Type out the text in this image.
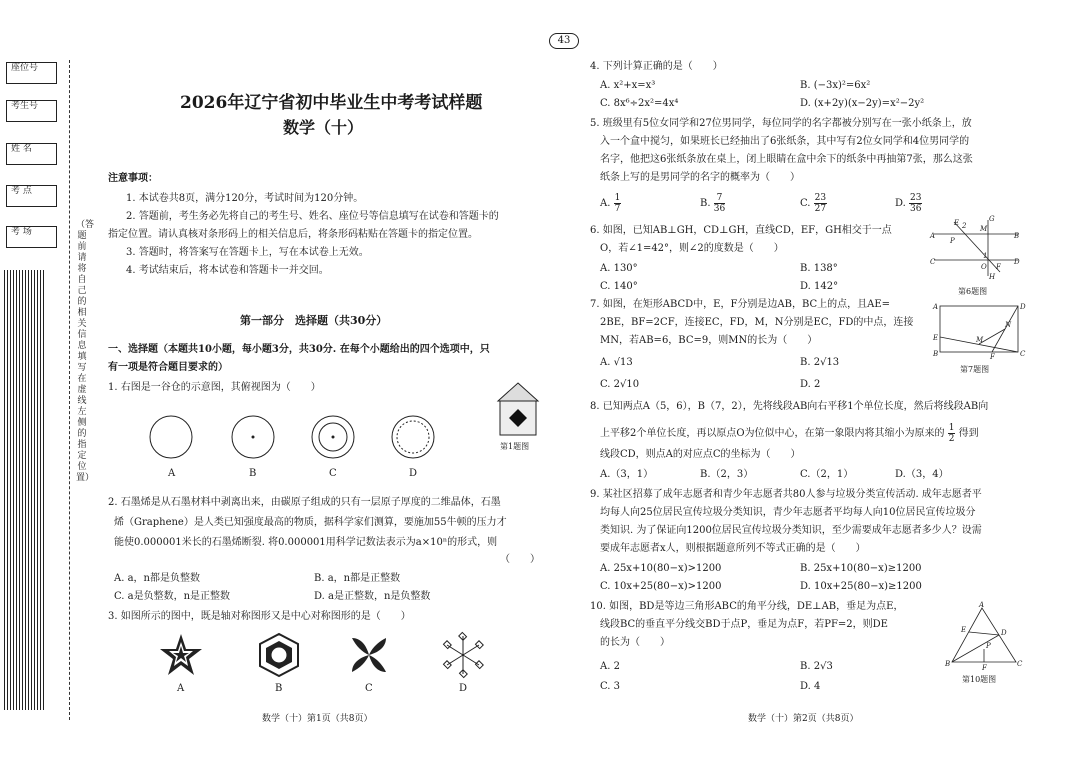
座位号
考生号
姓 名
考 点
考 场
（答题前请将自己的相关信息填写在虚线左侧的指定位置）
43
2026年辽宁省初中毕业生中考考试样题
数学（十）
注意事项：
1. 本试卷共8页，满分120分，考试时间为120分钟。
2. 答题前，考生务必先将自己的考生号、姓名、座位号等信息填写在试卷和答题卡的
指定位置。请认真核对条形码上的相关信息后，将条形码粘贴在答题卡的指定位置。
3. 答题时，将答案写在答题卡上，写在本试卷上无效。
4. 考试结束后，将本试卷和答题卡一并交回。
第一部分　选择题（共30分）
一、选择题（本题共10小题，每小题3分，共30分. 在每个小题给出的四个选项中，只
有一项是符合题目要求的）
1. 右图是一谷仓的示意图，其俯视图为（　　）
A	B	C	D
第1题图
2. 石墨烯是从石墨材料中剥离出来，由碳原子组成的只有一层原子厚度的二维晶体，石墨
烯（Graphene）是人类已知强度最高的物质，据科学家们测算，要施加55牛顿的压力才
能使0.000001米长的石墨烯断裂. 将0.000001用科学记数法表示为a×10ⁿ的形式，则
（　　）
A. a，n都是负整数	B. a，n都是正整数
C. a是负整数，n是正整数	D. a是正整数，n是负整数
3. 如图所示的图中，既是轴对称图形又是中心对称图形的是（　　）
A	B	C	D
数学（十）第1页（共8页）
4. 下列计算正确的是（　　）
A. x²+x=x³	B. (−3x)²=6x²
C. 8x⁶÷2x²=4x⁴	D. (x+2y)(x−2y)=x²−2y²
5. 班级里有5位女同学和27位男同学，每位同学的名字都被分别写在一张小纸条上，放
入一个盒中搅匀，如果班长已经抽出了6张纸条，其中写有2位女同学和4位男同学的
名字，他把这6张纸条放在桌上，闭上眼睛在盒中余下的纸条中再抽第7张，那么这张
纸条上写的是男同学的名字的概率为（　　）
A. $\frac{1}{7}$	B. $\frac{7}{36}$	C. $\frac{23}{27}$	D. $\frac{23}{36}$
6. 如图，已知AB⊥GH，CD⊥GH，直线CD，EF，GH相交于一点
O，若∠1=42°，则∠2的度数是（　　）
A. 130°	B. 138°
C. 140°	D. 142°
E 2
G
A
P
M
B
C
1
O F
D
H
第6题图
7. 如图，在矩形ABCD中，E，F分别是边AB，BC上的点，且AE=
2BE，BF=2CF，连接EC，FD，M，N分别是EC，FD的中点，连接
MN，若AB=6，BC=9，则MN的长为（　　）
A. √13	B. 2√13
C. 2√10	D. 2
A	D
N
E	M
B	F	C
第7题图
8. 已知两点A（5，6），B（7，2），先将线段AB向右平移1个单位长度，然后将线段AB向
上平移2个单位长度，再以原点O为位似中心，在第一象限内将其缩小为原来的 $\frac{1}{2}$ 得到
线段CD，则点A的对应点C的坐标为（　　）
A.（3，1）	B.（2，3）	C.（2，1）	D.（3，4）
9. 某社区招募了成年志愿者和青少年志愿者共80人参与垃圾分类宣传活动. 成年志愿者平
均每人向25位居民宣传垃圾分类知识，青少年志愿者平均每人向10位居民宣传垃圾分
类知识. 为了保证向1200位居民宣传垃圾分类知识，至少需要成年志愿者多少人？设需
要成年志愿者x人，则根据题意所列不等式正确的是（　　）
A. 25x+10(80−x)>1200	B. 25x+10(80−x)≥1200
C. 10x+25(80−x)>1200	D. 10x+25(80−x)≥1200
10. 如图，BD是等边三角形ABC的角平分线，DE⊥AB，垂足为点E，
线段BC的垂直平分线交BD于点P，垂足为点F，若PF=2，则DE
的长为（　　）
A. 2	B. 2√3
C. 3	D. 4
A
E	D
P
B	F	C
第10题图
数学（十）第2页（共8页）
